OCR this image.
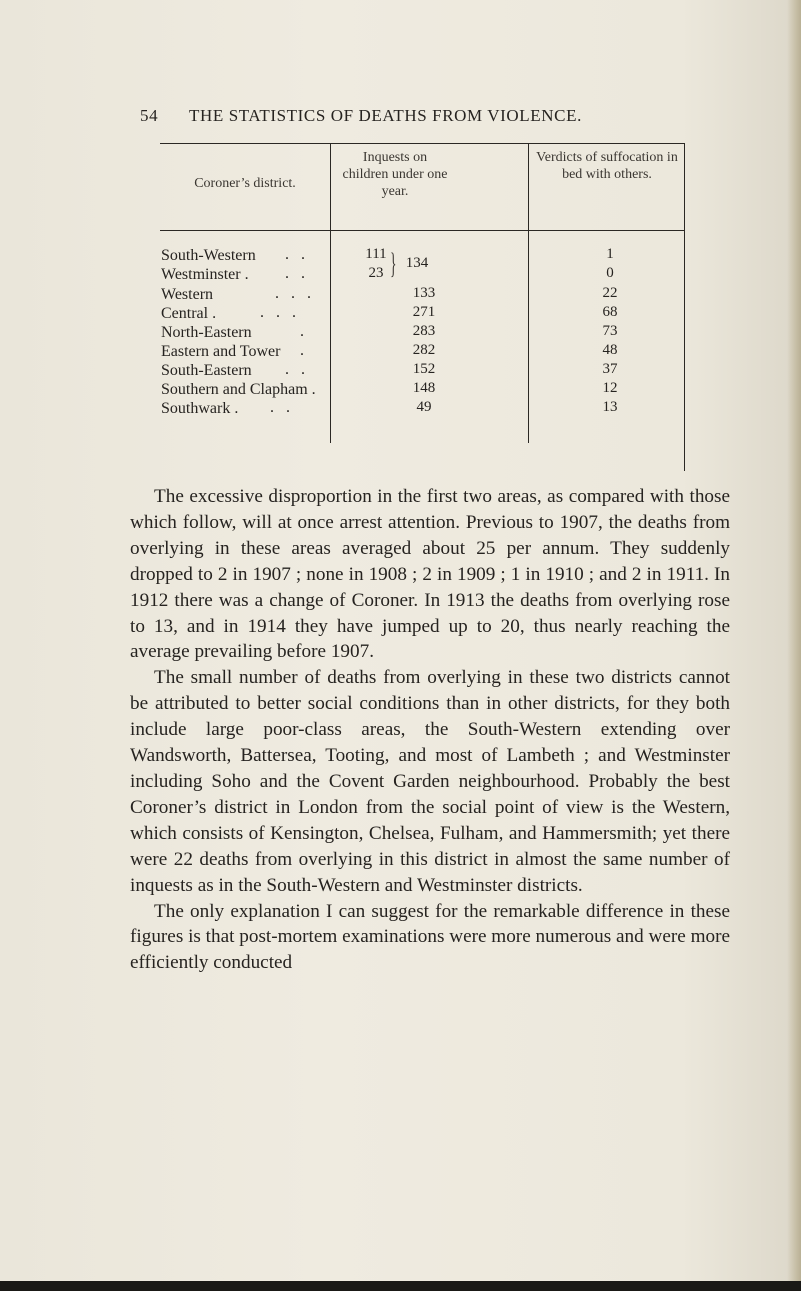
54 THE STATISTICS OF DEATHS FROM VIOLENCE.
Coroner’s district.
Inquests on children under one year.
Verdicts of suffocation in bed with others.
South-Western .   .	111	1
Westminster . .   .	23	0
} 134
Western	.   .   .	133	22
Central .	.   .   .	271	68
North-Eastern	.	283	73
Eastern and Tower .	282	48
South-Eastern .   .	152	37
Southern and Clapham .	148	12
Southwark . .   .	49	13

The excessive disproportion in the first two areas, as compared with those which follow, will at once arrest attention. Previous to 1907, the deaths from overlying in these areas averaged about 25 per annum. They suddenly dropped to 2 in 1907 ; none in 1908 ; 2 in 1909 ; 1 in 1910 ; and 2 in 1911. In 1912 there was a change of Coroner. In 1913 the deaths from overlying rose to 13, and in 1914 they have jumped up to 20, thus nearly reaching the average prevailing before 1907.

The small number of deaths from overlying in these two districts cannot be attributed to better social conditions than in other districts, for they both include large poor-class areas, the South-Western extending over Wandsworth, Battersea, Tooting, and most of Lambeth ; and Westminster including Soho and the Covent Garden neighbourhood. Probably the best Coroner’s district in London from the social point of view is the Western, which consists of Kensington, Chelsea, Fulham, and Hammersmith; yet there were 22 deaths from overlying in this district in almost the same number of inquests as in the South-Western and Westminster districts.

The only explanation I can suggest for the remarkable difference in these figures is that post-mortem examinations were more numerous and were more efficiently conducted
